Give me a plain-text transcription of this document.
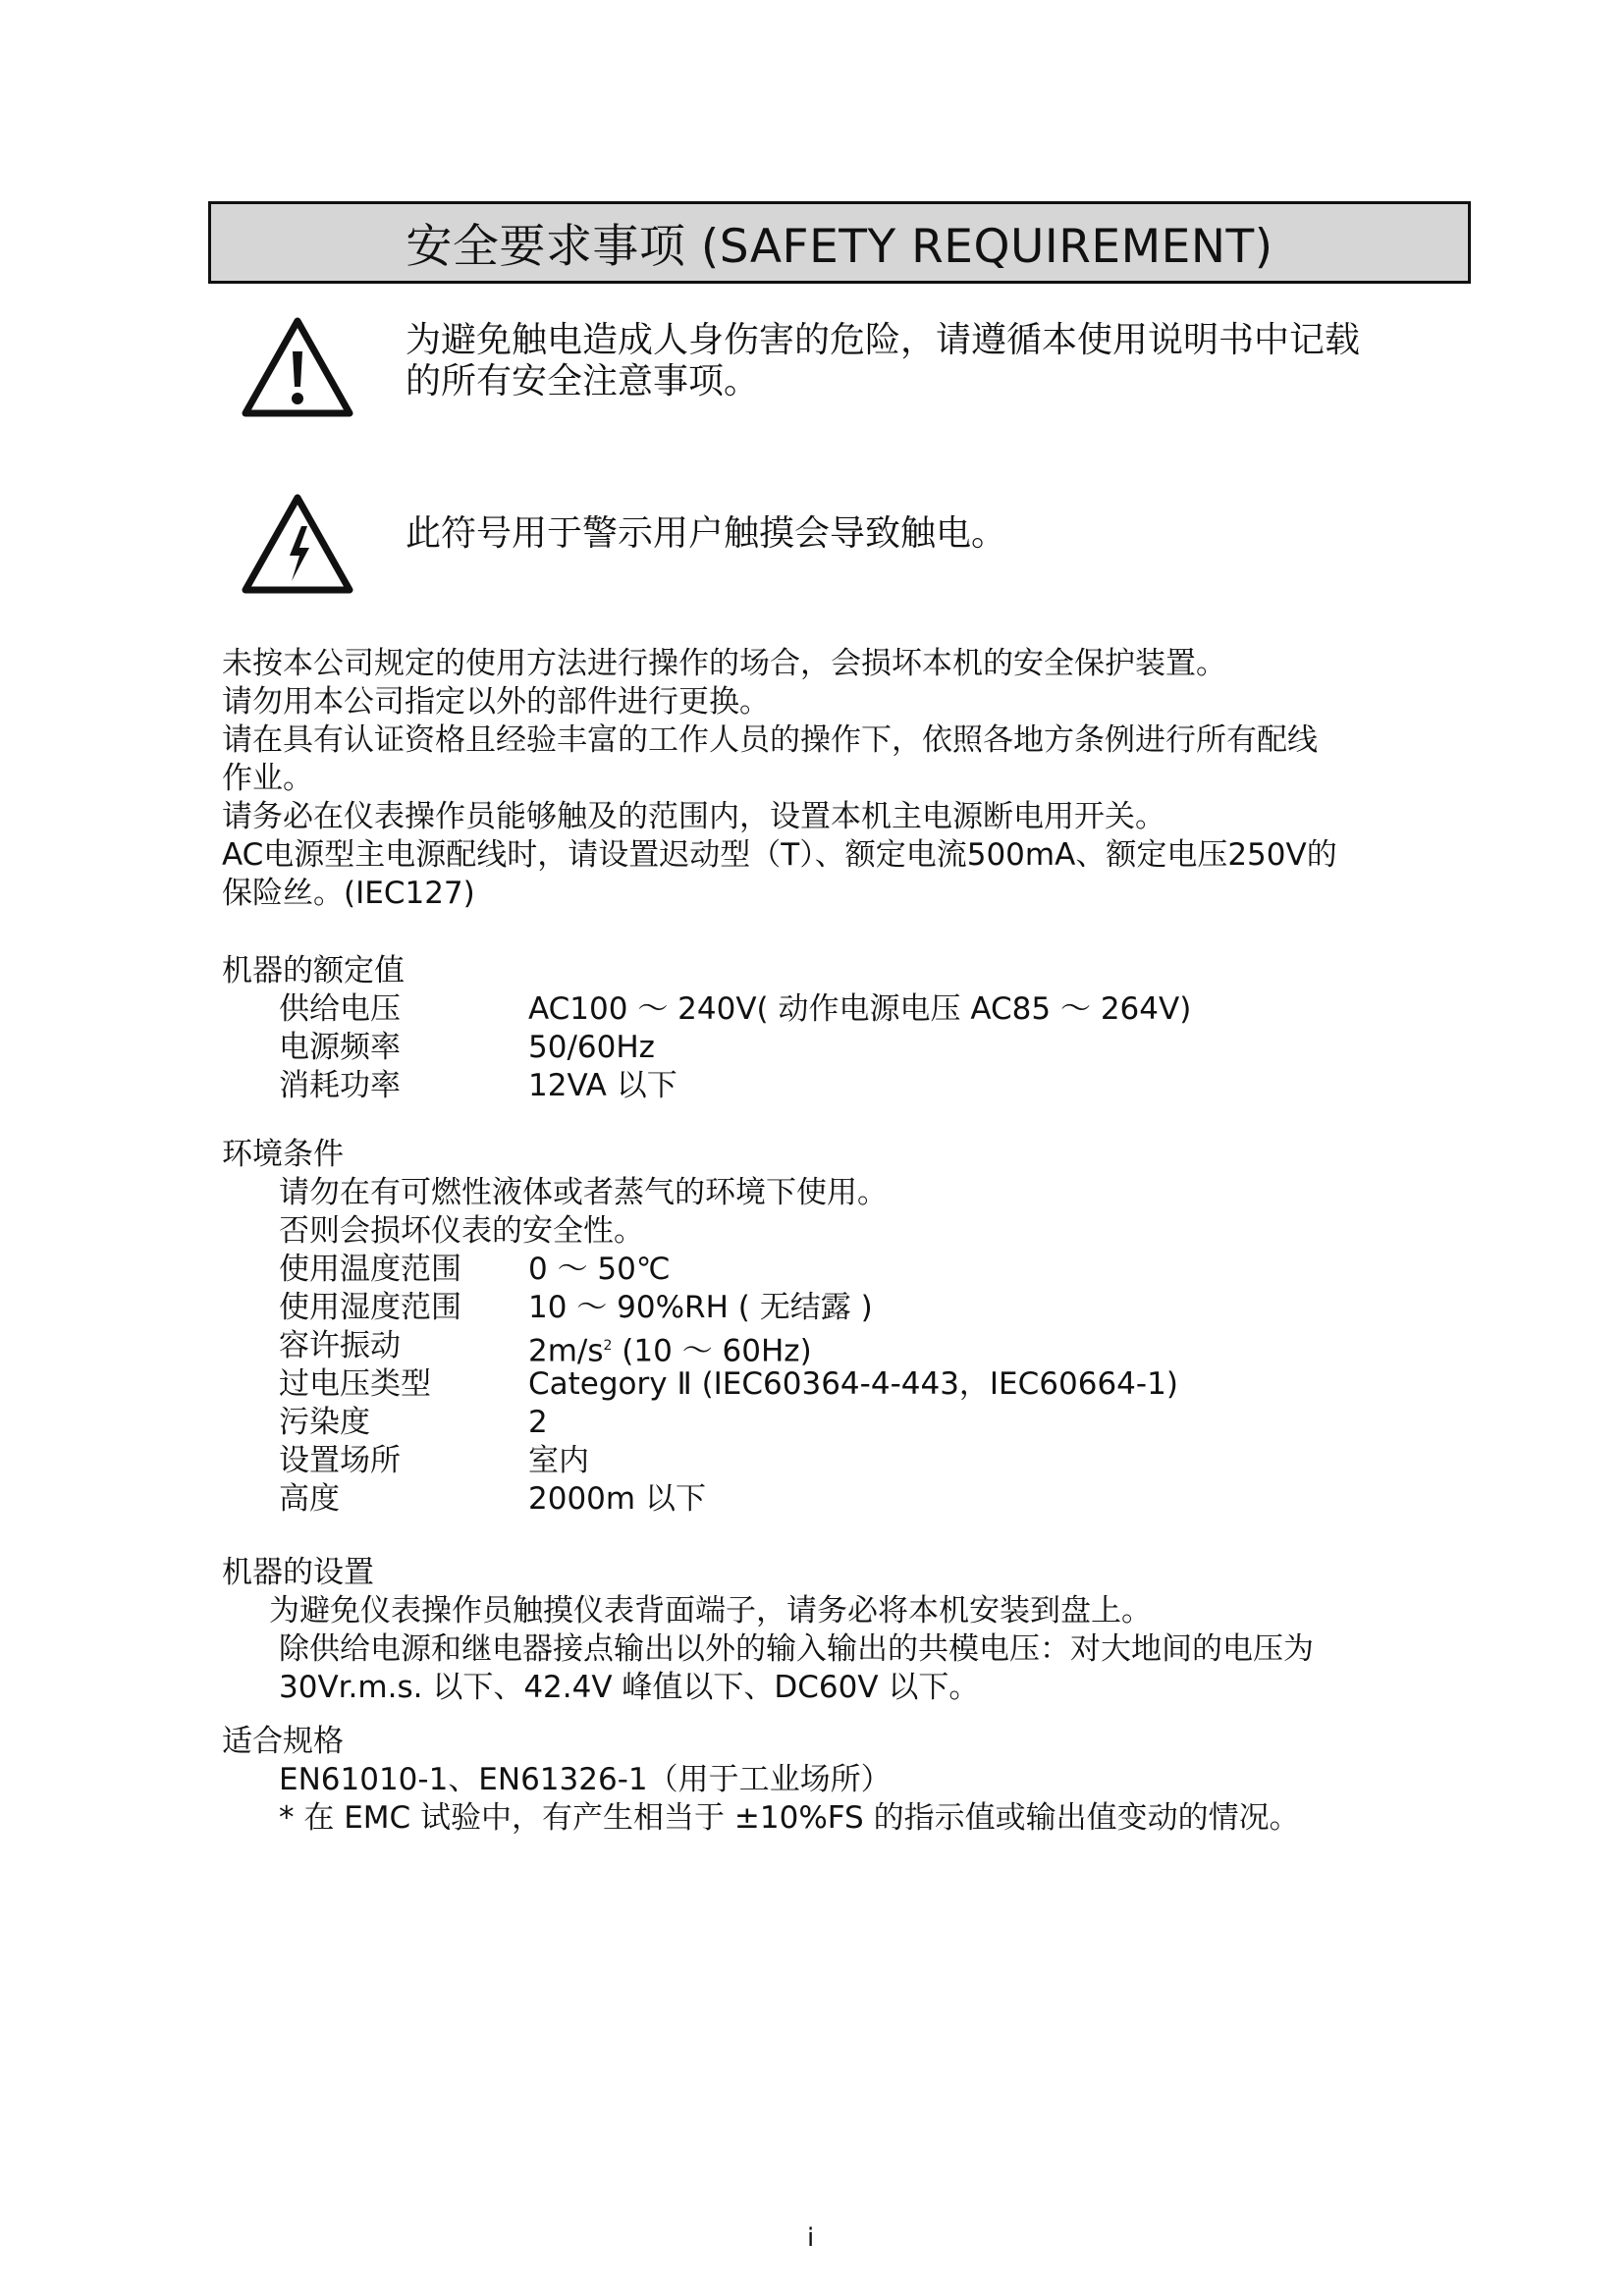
安全要求事项 (SAFETY REQUIREMENT)
为避免触电造成人身伤害的危险，请遵循本使用说明书中记载
的所有安全注意事项。
此符号用于警示用户触摸会导致触电。
未按本公司规定的使用方法进行操作的场合，会损坏本机的安全保护装置。
请勿用本公司指定以外的部件进行更换。
请在具有认证资格且经验丰富的工作人员的操作下，依照各地方条例进行所有配线
作业。
请务必在仪表操作员能够触及的范围内，设置本机主电源断电用开关。
AC电源型主电源配线时，请设置迟动型（T）、额定电流500mA、额定电压250V的
保险丝。(IEC127)
机器的额定值
供给电压	AC100 ～ 240V( 动作电源电压 AC85 ～ 264V)
电源频率	50/60Hz
消耗功率	12VA 以下
环境条件
请勿在有可燃性液体或者蒸气的环境下使用。
否则会损坏仪表的安全性。
使用温度范围 0 ～ 50℃
使用湿度范围 10 ～ 90%RH ( 无结露 )
容许振动	$2m/s^2$ (10 ～ 60Hz)
过电压类型	Category Ⅱ (IEC60364-4-443，IEC60664-1)
污染度	2
设置场所	室内
高度	2000m 以下
机器的设置
为避免仪表操作员触摸仪表背面端子，请务必将本机安装到盘上。
除供给电源和继电器接点输出以外的输入输出的共模电压：对大地间的电压为
30Vr.m.s. 以下、42.4V 峰值以下、DC60V 以下。
适合规格
EN61010-1、EN61326-1（用于工业场所）
* 在 EMC 试验中，有产生相当于 ±10%FS 的指示值或输出值变动的情况。
i
